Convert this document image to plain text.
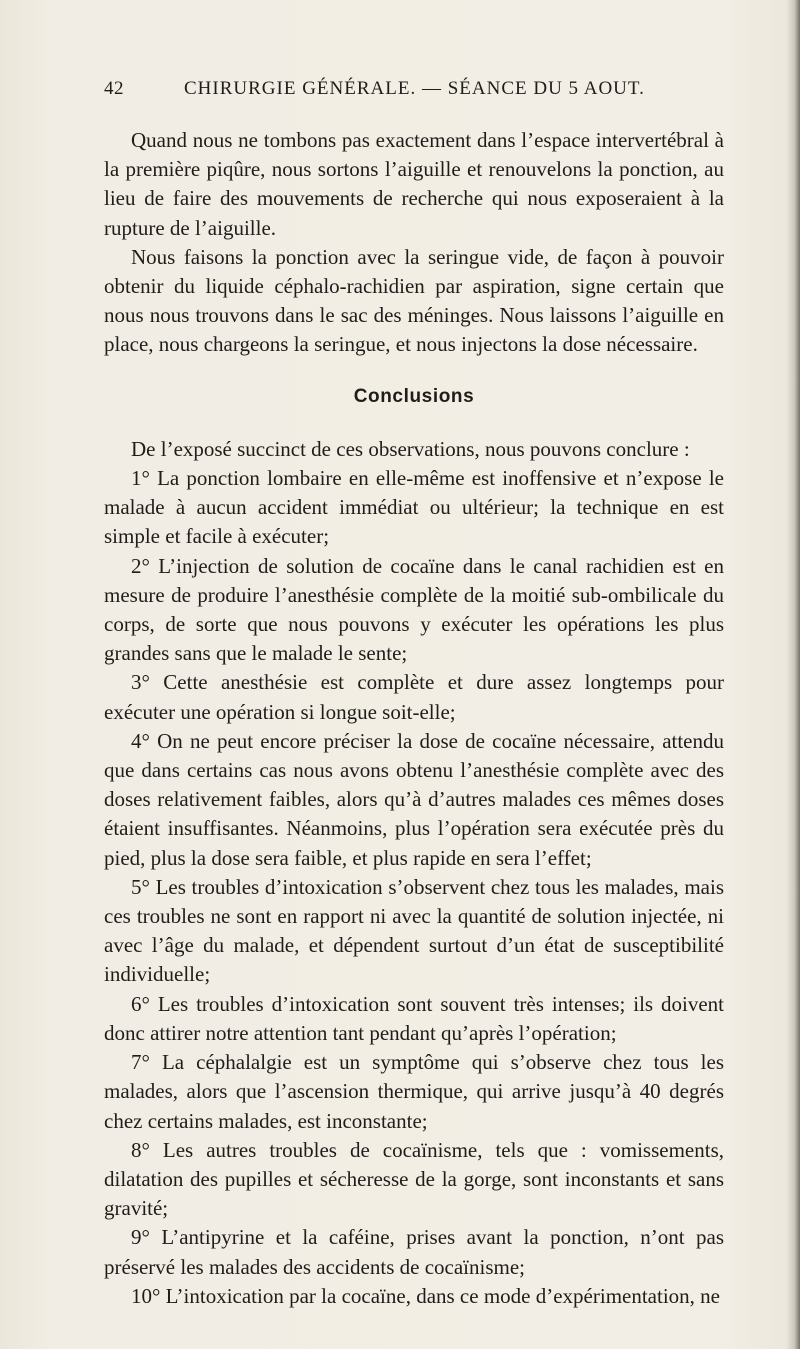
42	CHIRURGIE GÉNÉRALE. — SÉANCE DU 5 AOUT.

Quand nous ne tombons pas exactement dans l’espace intervertébral à la première piqûre, nous sortons l’aiguille et renouvelons la ponction, au lieu de faire des mouvements de recherche qui nous exposeraient à la rupture de l’aiguille.

Nous faisons la ponction avec la seringue vide, de façon à pouvoir obtenir du liquide céphalo-rachidien par aspiration, signe certain que nous nous trouvons dans le sac des méninges. Nous laissons l’aiguille en place, nous chargeons la seringue, et nous injectons la dose nécessaire.

Conclusions

De l’exposé succinct de ces observations, nous pouvons conclure :

1° La ponction lombaire en elle-même est inoffensive et n’expose le malade à aucun accident immédiat ou ultérieur; la technique en est simple et facile à exécuter;

2° L’injection de solution de cocaïne dans le canal rachidien est en mesure de produire l’anesthésie complète de la moitié sub-ombilicale du corps, de sorte que nous pouvons y exécuter les opérations les plus grandes sans que le malade le sente;

3° Cette anesthésie est complète et dure assez longtemps pour exécuter une opération si longue soit-elle;

4° On ne peut encore préciser la dose de cocaïne nécessaire, attendu que dans certains cas nous avons obtenu l’anesthésie complète avec des doses relativement faibles, alors qu’à d’autres malades ces mêmes doses étaient insuffisantes. Néanmoins, plus l’opération sera exécutée près du pied, plus la dose sera faible, et plus rapide en sera l’effet;

5° Les troubles d’intoxication s’observent chez tous les malades, mais ces troubles ne sont en rapport ni avec la quantité de solution injectée, ni avec l’âge du malade, et dépendent surtout d’un état de susceptibilité individuelle;

6° Les troubles d’intoxication sont souvent très intenses; ils doivent donc attirer notre attention tant pendant qu’après l’opération;

7° La céphalalgie est un symptôme qui s’observe chez tous les malades, alors que l’ascension thermique, qui arrive jusqu’à 40 degrés chez certains malades, est inconstante;

8° Les autres troubles de cocaïnisme, tels que : vomissements, dilatation des pupilles et sécheresse de la gorge, sont inconstants et sans gravité;

9° L’antipyrine et la caféine, prises avant la ponction, n’ont pas préservé les malades des accidents de cocaïnisme;

10° L’intoxication par la cocaïne, dans ce mode d’expérimentation, ne
